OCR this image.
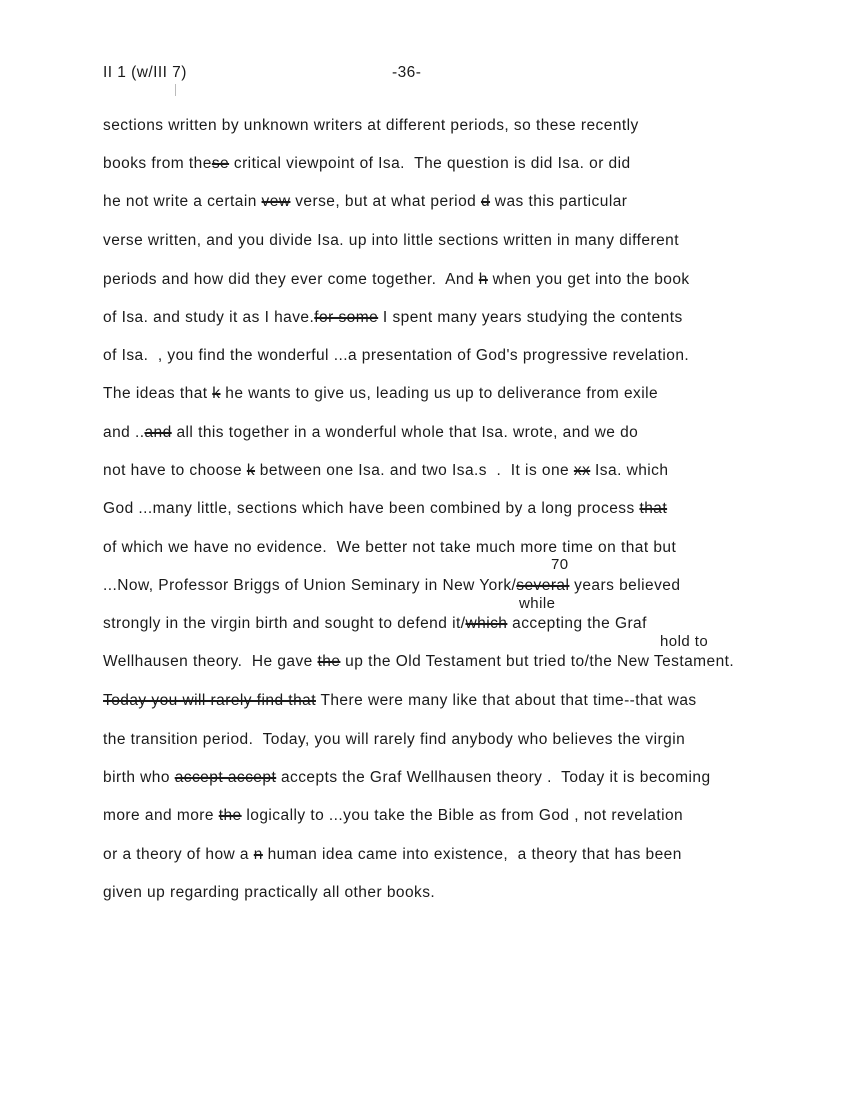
II 1 (w/III 7)	-36-
sections written by unknown writers at different periods, so these recently
books from these critical viewpoint of Isa.  The question is did Isa. or did
he not write a certain vew verse, but at what period d was this particular
verse written, and you divide Isa. up into little sections written in many different
periods and how did they ever come together.  And h when you get into the book
of Isa. and study it as I have.for some I spent many years studying the contents
of Isa.  , you find the wonderful ...a presentation of God's progressive revelation.
The ideas that k he wants to give us, leading us up to deliverance from exile
and ..and all this together in a wonderful whole that Isa. wrote, and we do
not have to choose k between one Isa. and two Isa.s  .  It is one xx Isa. which
God ...many little, sections which have been combined by a long process that
of which we have no evidence.  We better not take much more time on that but
...Now, Professor Briggs of Union Seminary in New York/several years believed
strongly in the virgin birth and sought to defend it/which accepting the Graf
Wellhausen theory.  He gave the up the Old Testament but tried to/the New Testament.
Today you will rarely find that There were many like that about that time--that was
the transition period.  Today, you will rarely find anybody who believes the virgin
birth who accept accept accepts the Graf Wellhausen theory .  Today it is becoming
more and more the logically to ...you take the Bible as from God , not revelation
or a theory of how a n human idea came into existence,  a theory that has been
given up regarding practically all other books.
70
while
hold to
